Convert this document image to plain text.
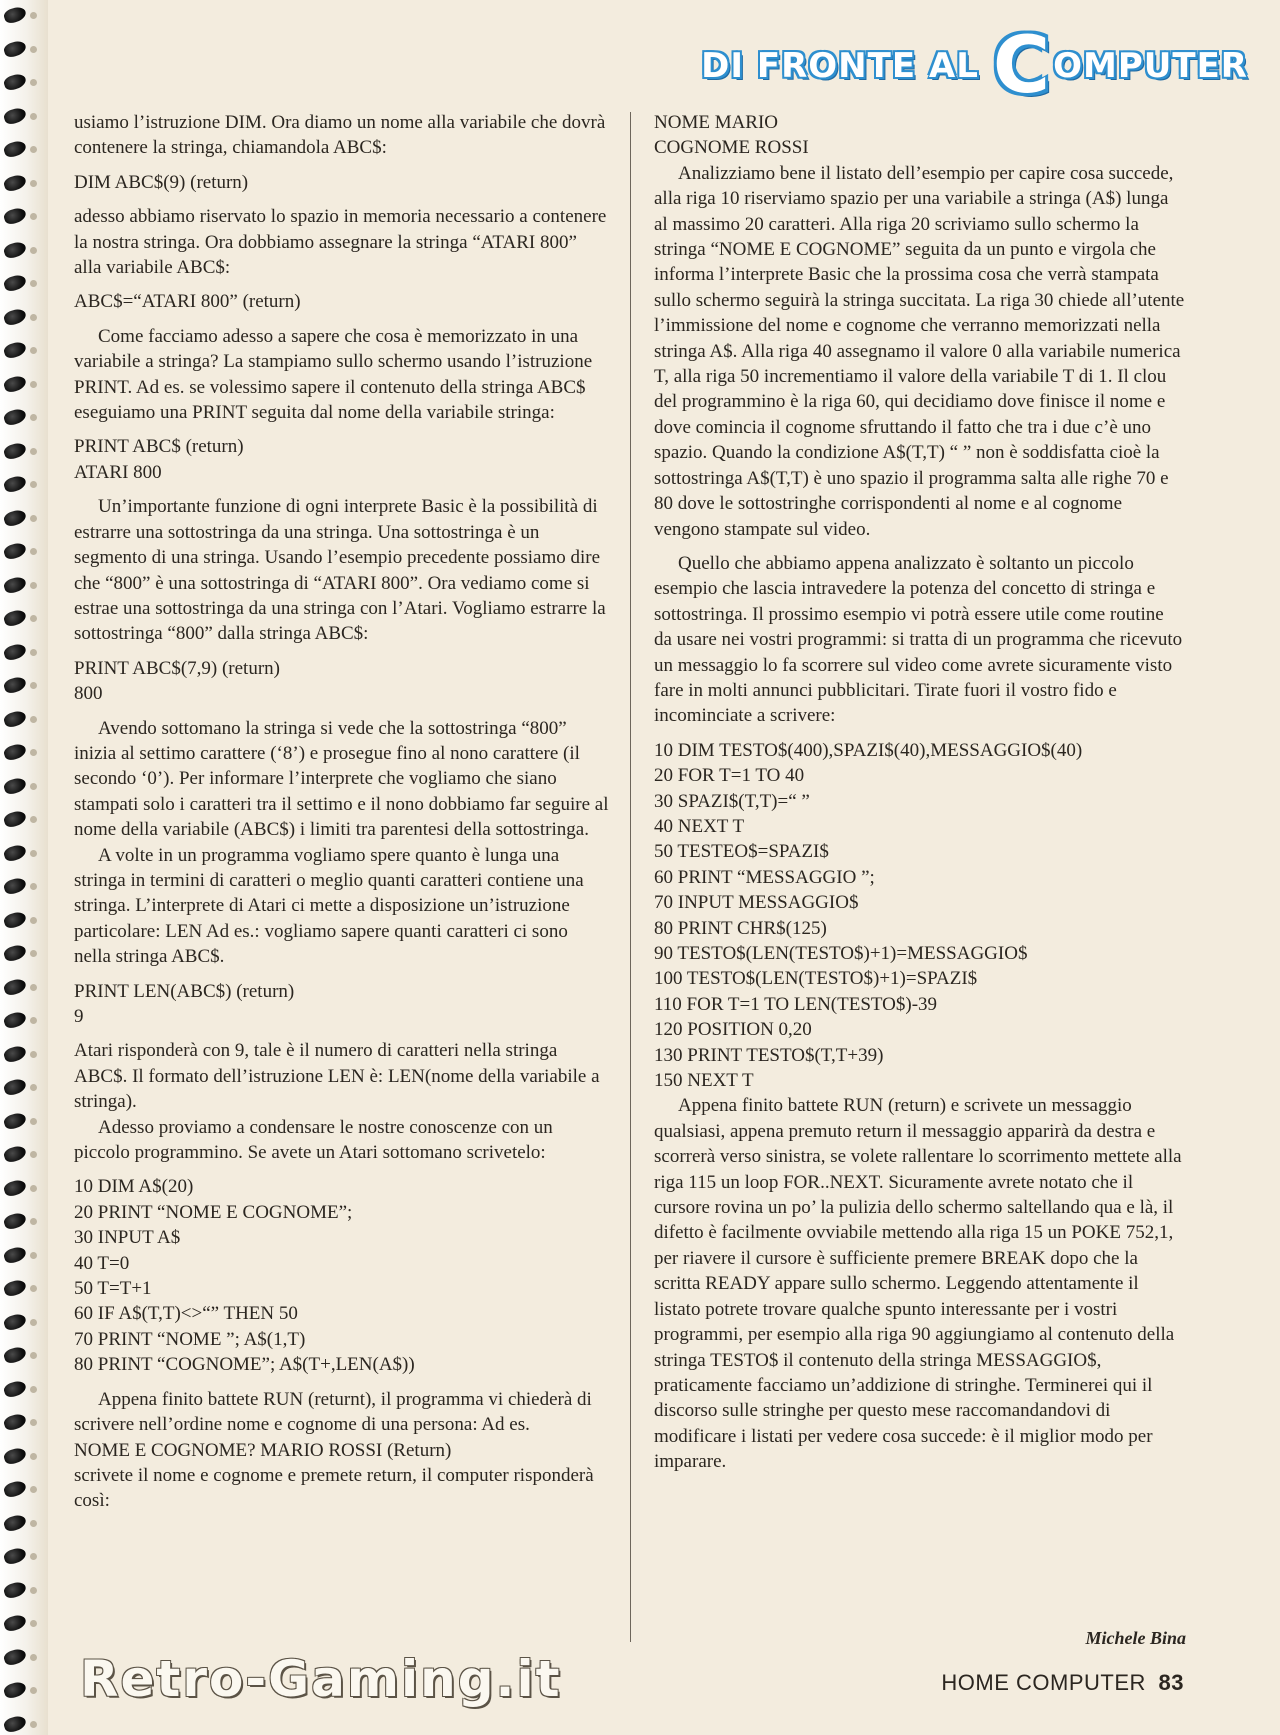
DI FRONTE AL C OMPUTER

usiamo l’istruzione DIM. Ora diamo un nome alla variabile che dovrà contenere la stringa, chiamandola ABC$:

DIM ABC$(9) (return)

adesso abbiamo riservato lo spazio in memoria necessario a contenere la nostra stringa. Ora dobbiamo assegnare la stringa “ATARI 800” alla variabile ABC$:

ABC$=“ATARI 800” (return)

Come facciamo adesso a sapere che cosa è memorizzato in una variabile a stringa? La stampiamo sullo schermo usando l’istruzione PRINT. Ad es. se volessimo sapere il contenuto della stringa ABC$ eseguiamo una PRINT seguita dal nome della variabile stringa:

PRINT ABC$ (return)

ATARI 800

Un’importante funzione di ogni interprete Basic è la possibilità di estrarre una sottostringa da una stringa. Una sottostringa è un segmento di una stringa. Usando l’esempio precedente possiamo dire che “800” è una sottostringa di “ATARI 800”. Ora vediamo come si estrae una sottostringa da una stringa con l’Atari. Vogliamo estrarre la sottostringa “800” dalla stringa ABC$:

PRINT ABC$(7,9) (return)

800

Avendo sottomano la stringa si vede che la sottostringa “800” inizia al settimo carattere (‘8’) e prosegue fino al nono carattere (il secondo ‘0’). Per informare l’interprete che vogliamo che siano stampati solo i caratteri tra il settimo e il nono dobbiamo far seguire al nome della variabile (ABC$) i limiti tra parentesi della sottostringa.

A volte in un programma vogliamo spere quanto è lunga una stringa in termini di caratteri o meglio quanti caratteri contiene una stringa. L’interprete di Atari ci mette a disposizione un’istruzione particolare: LEN Ad es.: vogliamo sapere quanti caratteri ci sono nella stringa ABC$.

PRINT LEN(ABC$) (return)

9

Atari risponderà con 9, tale è il numero di caratteri nella stringa ABC$. Il formato dell’istruzione LEN è: LEN(nome della variabile a stringa).

Adesso proviamo a condensare le nostre conoscenze con un piccolo programmino. Se avete un Atari sottomano scrivetelo:

10 DIM A$(20)
20 PRINT “NOME E COGNOME”;
30 INPUT A$
40 T=0
50 T=T+1
60 IF A$(T,T)<>“” THEN 50
70 PRINT “NOME ”; A$(1,T)
80 PRINT “COGNOME”; A$(T+,LEN(A$))

Appena finito battete RUN (returnt), il programma vi chiederà di scrivere nell’ordine nome e cognome di una persona: Ad es.

NOME E COGNOME? MARIO ROSSI (Return)

scrivete il nome e cognome e premete return, il computer risponderà così:

NOME MARIO

COGNOME ROSSI

Analizziamo bene il listato dell’esempio per capire cosa succede, alla riga 10 riserviamo spazio per una variabile a stringa (A$) lunga al massimo 20 caratteri. Alla riga 20 scriviamo sullo schermo la stringa “NOME E COGNOME” seguita da un punto e virgola che informa l’interprete Basic che la prossima cosa che verrà stampata sullo schermo seguirà la stringa succitata. La riga 30 chiede all’utente l’immissione del nome e cognome che verranno memorizzati nella stringa A$. Alla riga 40 assegnamo il valore 0 alla variabile numerica T, alla riga 50 incrementiamo il valore della variabile T di 1. Il clou del programmino è la riga 60, qui decidiamo dove finisce il nome e dove comincia il cognome sfruttando il fatto che tra i due c’è uno spazio. Quando la condizione A$(T,T) “ ” non è soddisfatta cioè la sottostringa A$(T,T) è uno spazio il programma salta alle righe 70 e 80 dove le sottostringhe corrispondenti al nome e al cognome vengono stampate sul video.

Quello che abbiamo appena analizzato è soltanto un piccolo esempio che lascia intravedere la potenza del concetto di stringa e sottostringa. Il prossimo esempio vi potrà essere utile come routine da usare nei vostri programmi: si tratta di un programma che ricevuto un messaggio lo fa scorrere sul video come avrete sicuramente visto fare in molti annunci pubblicitari. Tirate fuori il vostro fido e incominciate a scrivere:

10 DIM TESTO$(400),SPAZI$(40),MESSAGGIO$(40)
20 FOR T=1 TO 40
30 SPAZI$(T,T)=“ ”
40 NEXT T
50 TESTEO$=SPAZI$
60 PRINT “MESSAGGIO ”;
70 INPUT MESSAGGIO$
80 PRINT CHR$(125)
90 TESTO$(LEN(TESTO$)+1)=MESSAGGIO$
100 TESTO$(LEN(TESTO$)+1)=SPAZI$
110 FOR T=1 TO LEN(TESTO$)-39
120 POSITION 0,20
130 PRINT TESTO$(T,T+39)
150 NEXT T

Appena finito battete RUN (return) e scrivete un messaggio qualsiasi, appena premuto return il messaggio apparirà da destra e scorrerà verso sinistra, se volete rallentare lo scorrimento mettete alla riga 115 un loop FOR..NEXT. Sicuramente avrete notato che il cursore rovina un po’ la pulizia dello schermo saltellando qua e là, il difetto è facilmente ovviabile mettendo alla riga 15 un POKE 752,1, per riavere il cursore è sufficiente premere BREAK dopo che la scritta READY appare sullo schermo. Leggendo attentamente il listato potrete trovare qualche spunto interessante per i vostri programmi, per esempio alla riga 90 aggiungiamo al contenuto della stringa TESTO$ il contenuto della stringa MESSAGGIO$, praticamente facciamo un’addizione di stringhe. Terminerei qui il discorso sulle stringhe per questo mese raccomandandovi di modificare i listati per vedere cosa succede: è il miglior modo per imparare.

Michele Bina
Retro-Gaming.it	HOME COMPUTER 83
